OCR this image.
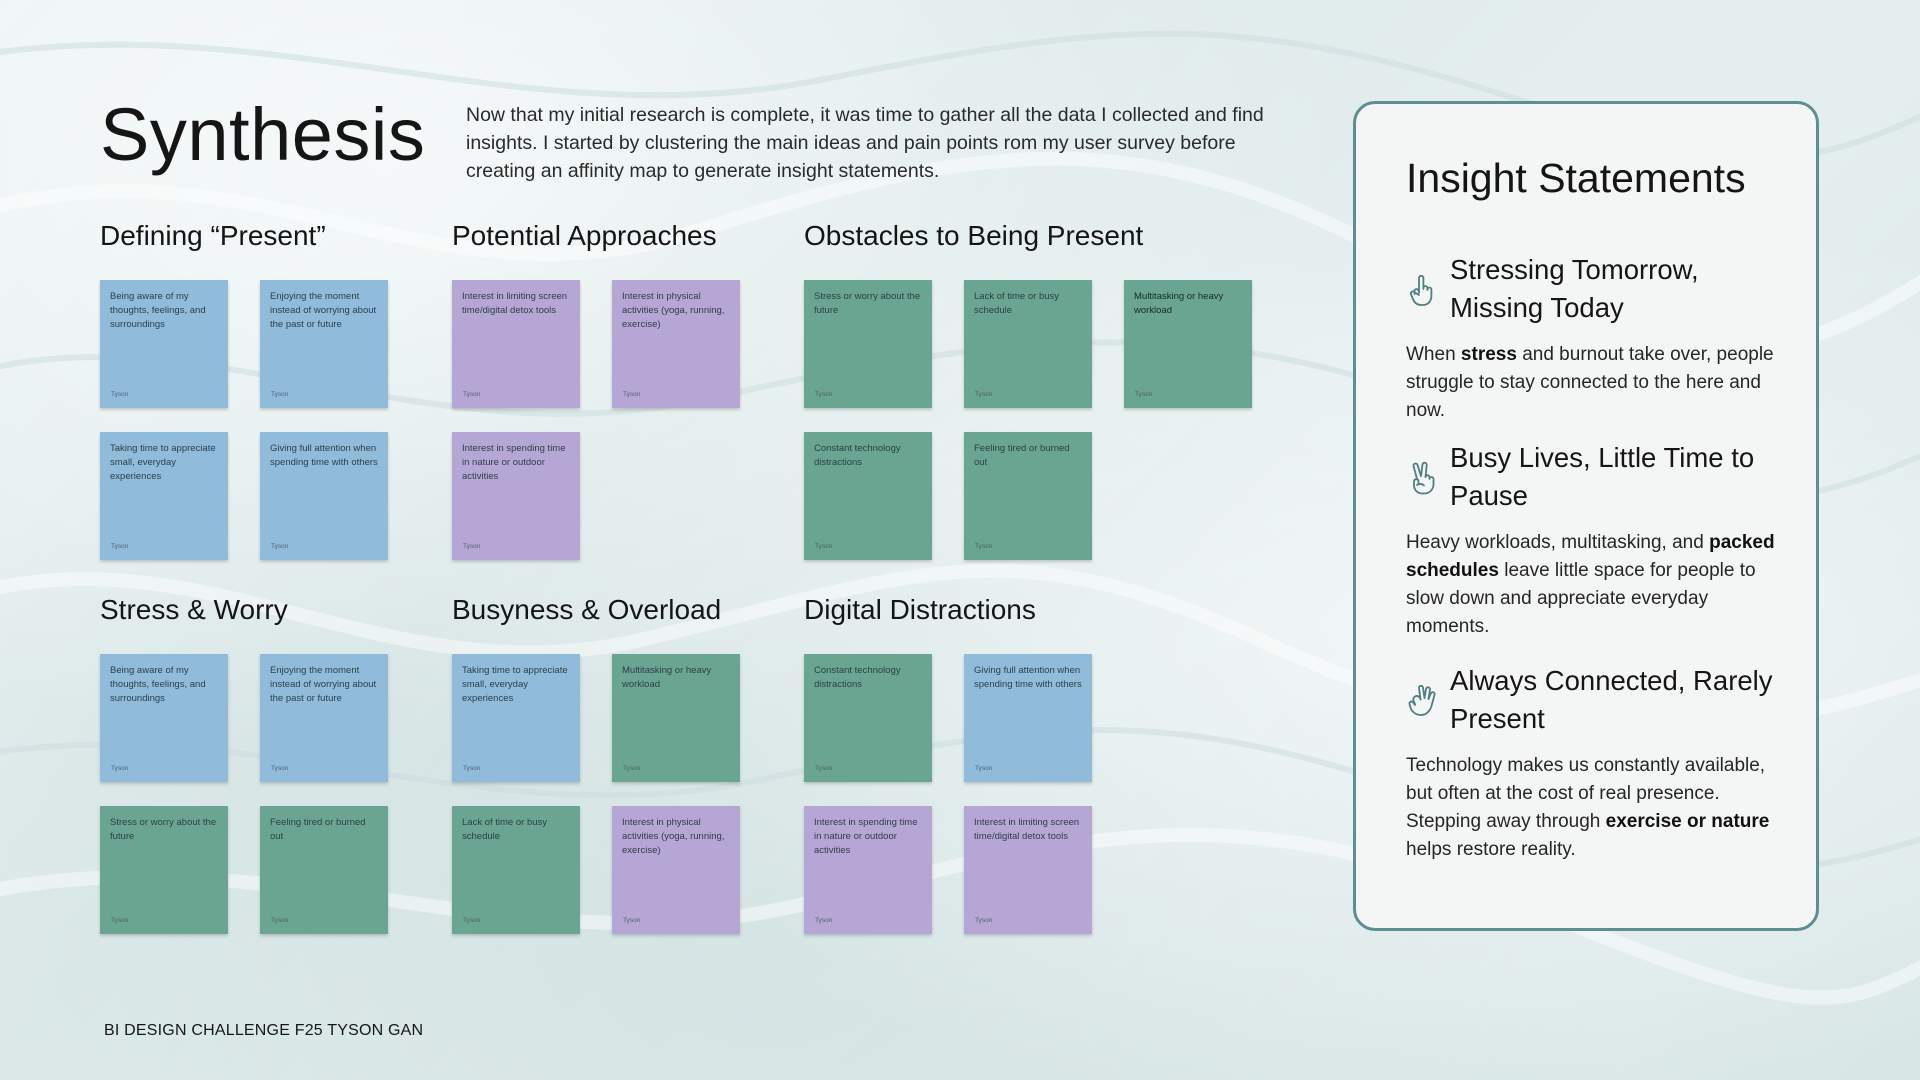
Synthesis Now that my initial research is complete, it was time to gather all the data I collected and find insights. I started by clustering the main ideas and pain points rom my user survey before creating an affinity map to generate insight statements.

Defining “Present”
Being aware of my thoughts, feelings, and surroundings
Tyson
Enjoying the moment instead of worrying about the past or future
Tyson
Taking time to appreciate small, everyday experiences
Tyson
Giving full attention when spending time with others
Tyson
Potential Approaches
Interest in limiting screen time/digital detox tools
Tyson
Interest in physical activities (yoga, running, exercise)
Tyson
Interest in spending time in nature or outdoor activities
Tyson
Obstacles to Being Present
Stress or worry about the future
Tyson
Lack of time or busy schedule
Tyson
Multitasking or heavy workload
Tyson
Constant technology distractions
Tyson
Feeling tired or burned out
Tyson
Stress & Worry
Being aware of my thoughts, feelings, and surroundings
Tyson
Enjoying the moment instead of worrying about the past or future
Tyson
Stress or worry about the future
Tyson
Feeling tired or burned out
Tyson
Busyness & Overload
Taking time to appreciate small, everyday experiences
Tyson
Multitasking or heavy workload
Tyson
Lack of time or busy schedule
Tyson
Interest in physical activities (yoga, running, exercise)
Tyson
Digital Distractions
Constant technology distractions
Tyson
Giving full attention when spending time with others
Tyson
Interest in spending time in nature or outdoor activities
Tyson
Interest in limiting screen time/digital detox tools
Tyson
Insight Statements
Stressing Tomorrow, Missing Today

When stress and burnout take over, people struggle to stay connected to the here and now.

Busy Lives, Little Time to Pause

Heavy workloads, multitasking, and packed schedules leave little space for people to slow down and appreciate everyday moments.

Always Connected, Rarely Present

Technology makes us constantly available, but often at the cost of real presence. Stepping away through exercise or nature helps restore reality.

BI DESIGN CHALLENGE F25 TYSON GAN
